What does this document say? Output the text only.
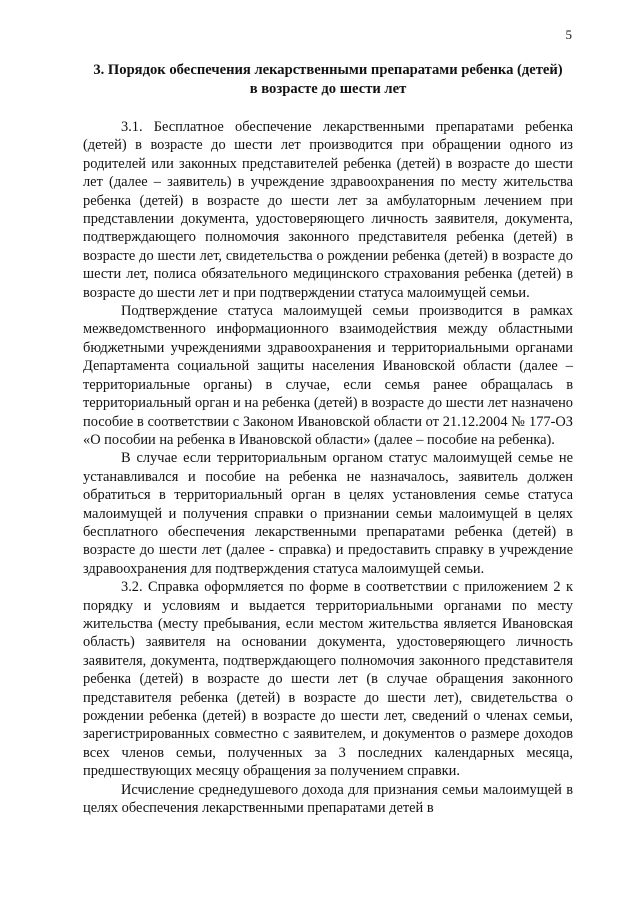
5
3. Порядок обеспечения лекарственными препаратами ребенка (детей)
в возрасте до шести лет

3.1. Бесплатное обеспечение лекарственными препаратами ребенка (детей) в возрасте до шести лет производится при обращении одного из родителей или законных представителей ребенка (детей) в возрасте до шести лет (далее – заявитель) в учреждение здравоохранения по месту жительства ребенка (детей) в возрасте до шести лет за амбулаторным лечением при представлении документа, удостоверяющего личность заявителя, документа, подтверждающего полномочия законного представителя ребенка (детей) в возрасте до шести лет, свидетельства о рождении ребенка (детей) в возрасте до шести лет, полиса обязательного медицинского страхования ребенка (детей) в возрасте до шести лет и при подтверждении статуса малоимущей семьи.

Подтверждение статуса малоимущей семьи производится в рамках межведомственного информационного взаимодействия между областными бюджетными учреждениями здравоохранения и территориальными органами Департамента социальной защиты населения Ивановской области (далее – территориальные органы) в случае, если семья ранее обращалась в территориальный орган и на ребенка (детей) в возрасте до шести лет назначено пособие в соответствии с Законом Ивановской области от 21.12.2004 № 177-ОЗ «О пособии на ребенка в Ивановской области» (далее – пособие на ребенка).

В случае если территориальным органом статус малоимущей семье не устанавливался и пособие на ребенка не назначалось, заявитель должен обратиться в территориальный орган в целях установления семье статуса малоимущей и получения справки о признании семьи малоимущей в целях бесплатного обеспечения лекарственными препаратами ребенка (детей) в возрасте до шести лет (далее - справка) и предоставить справку в учреждение здравоохранения для подтверждения статуса малоимущей семьи.

3.2. Справка оформляется по форме в соответствии с приложением 2 к порядку и условиям и выдается территориальными органами по месту жительства (месту пребывания, если местом жительства является Ивановская область) заявителя на основании документа, удостоверяющего личность заявителя, документа, подтверждающего полномочия законного представителя ребенка (детей) в возрасте до шести лет (в случае обращения законного представителя ребенка (детей) в возрасте до шести лет), свидетельства о рождении ребенка (детей) в возрасте до шести лет, сведений о членах семьи, зарегистрированных совместно с заявителем, и документов о размере доходов всех членов семьи, полученных за 3 последних календарных месяца, предшествующих месяцу обращения за получением справки.

Исчисление среднедушевого дохода для признания семьи малоимущей в целях обеспечения лекарственными препаратами детей в
